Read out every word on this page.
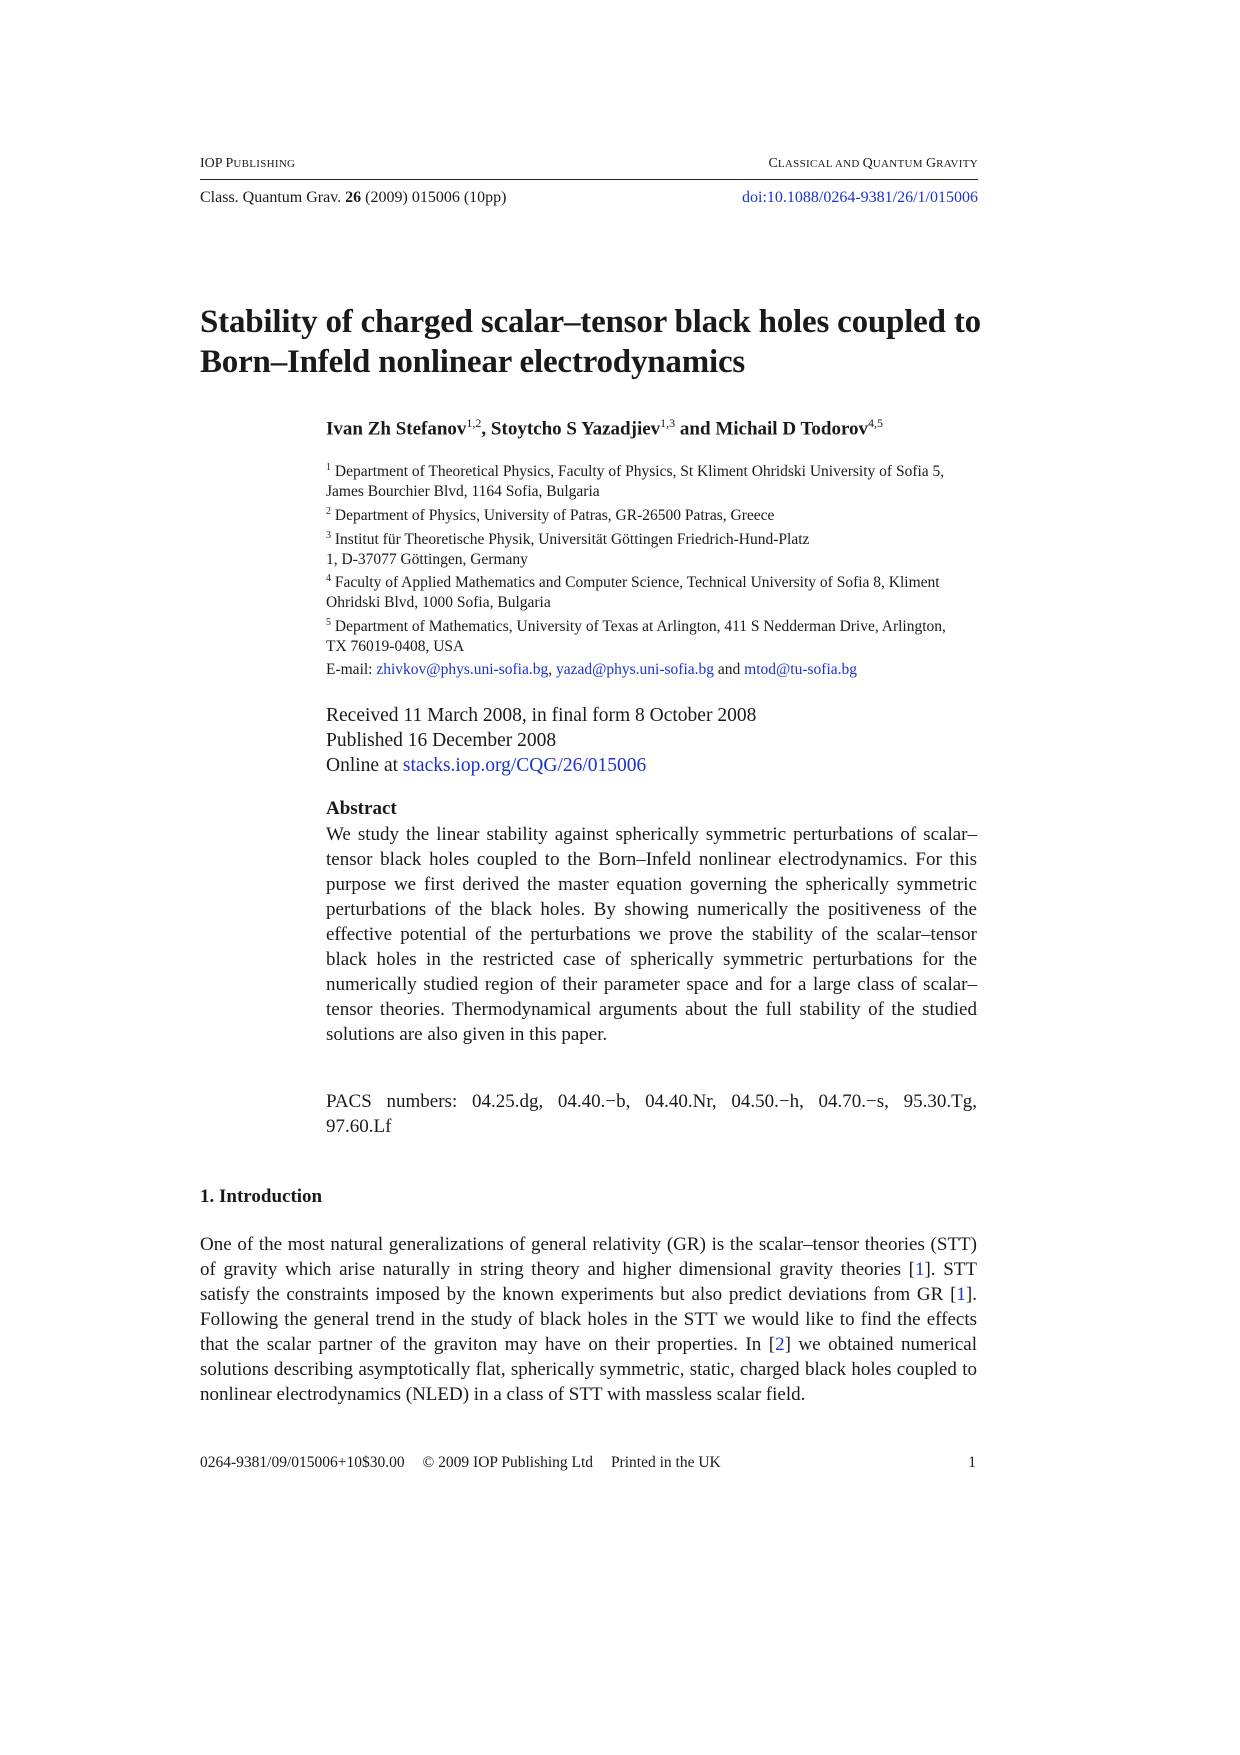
IOP PUBLISHING	CLASSICAL AND QUANTUM GRAVITY
Class. Quantum Grav. 26 (2009) 015006 (10pp)	doi:10.1088/0264-9381/26/1/015006
Stability of charged scalar–tensor black holes coupled to Born–Infeld nonlinear electrodynamics
Ivan Zh Stefanov$^{1,2}$, Stoytcho S Yazadjiev$^{1,3}$ and Michail D Todorov$^{4,5}$

$^1$ Department of Theoretical Physics, Faculty of Physics, St Kliment Ohridski University of Sofia 5, James Bourchier Blvd, 1164 Sofia, Bulgaria

$^2$ Department of Physics, University of Patras, GR-26500 Patras, Greece

$^3$ Institut für Theoretische Physik, Universität Göttingen Friedrich-Hund-Platz 1, D-37077 Göttingen, Germany

$^4$ Faculty of Applied Mathematics and Computer Science, Technical University of Sofia 8, Kliment Ohridski Blvd, 1000 Sofia, Bulgaria

$^5$ Department of Mathematics, University of Texas at Arlington, 411 S Nedderman Drive, Arlington, TX 76019-0408, USA

E-mail: zhivkov@phys.uni-sofia.bg, yazad@phys.uni-sofia.bg and mtod@tu-sofia.bg
Received 11 March 2008, in final form 8 October 2008
Published 16 December 2008
Online at stacks.iop.org/CQG/26/015006
Abstract
We study the linear stability against spherically symmetric perturbations of scalar–tensor black holes coupled to the Born–Infeld nonlinear electrodynamics. For this purpose we first derived the master equation governing the spherically symmetric perturbations of the black holes. By showing numerically the positiveness of the effective potential of the perturbations we prove the stability of the scalar–tensor black holes in the restricted case of spherically symmetric perturbations for the numerically studied region of their parameter space and for a large class of scalar–tensor theories. Thermodynamical arguments about the full stability of the studied solutions are also given in this paper.
PACS numbers: 04.25.dg, 04.40.−b, 04.40.Nr, 04.50.−h, 04.70.−s, 95.30.Tg, 97.60.Lf
1. Introduction
One of the most natural generalizations of general relativity (GR) is the scalar–tensor theories (STT) of gravity which arise naturally in string theory and higher dimensional gravity theories [1]. STT satisfy the constraints imposed by the known experiments but also predict deviations from GR [1]. Following the general trend in the study of black holes in the STT we would like to find the effects that the scalar partner of the graviton may have on their properties. In [2] we obtained numerical solutions describing asymptotically flat, spherically symmetric, static, charged black holes coupled to nonlinear electrodynamics (NLED) in a class of STT with massless scalar field.
0264-9381/09/015006+10$30.00 © 2009 IOP Publishing Ltd Printed in the UK	1
